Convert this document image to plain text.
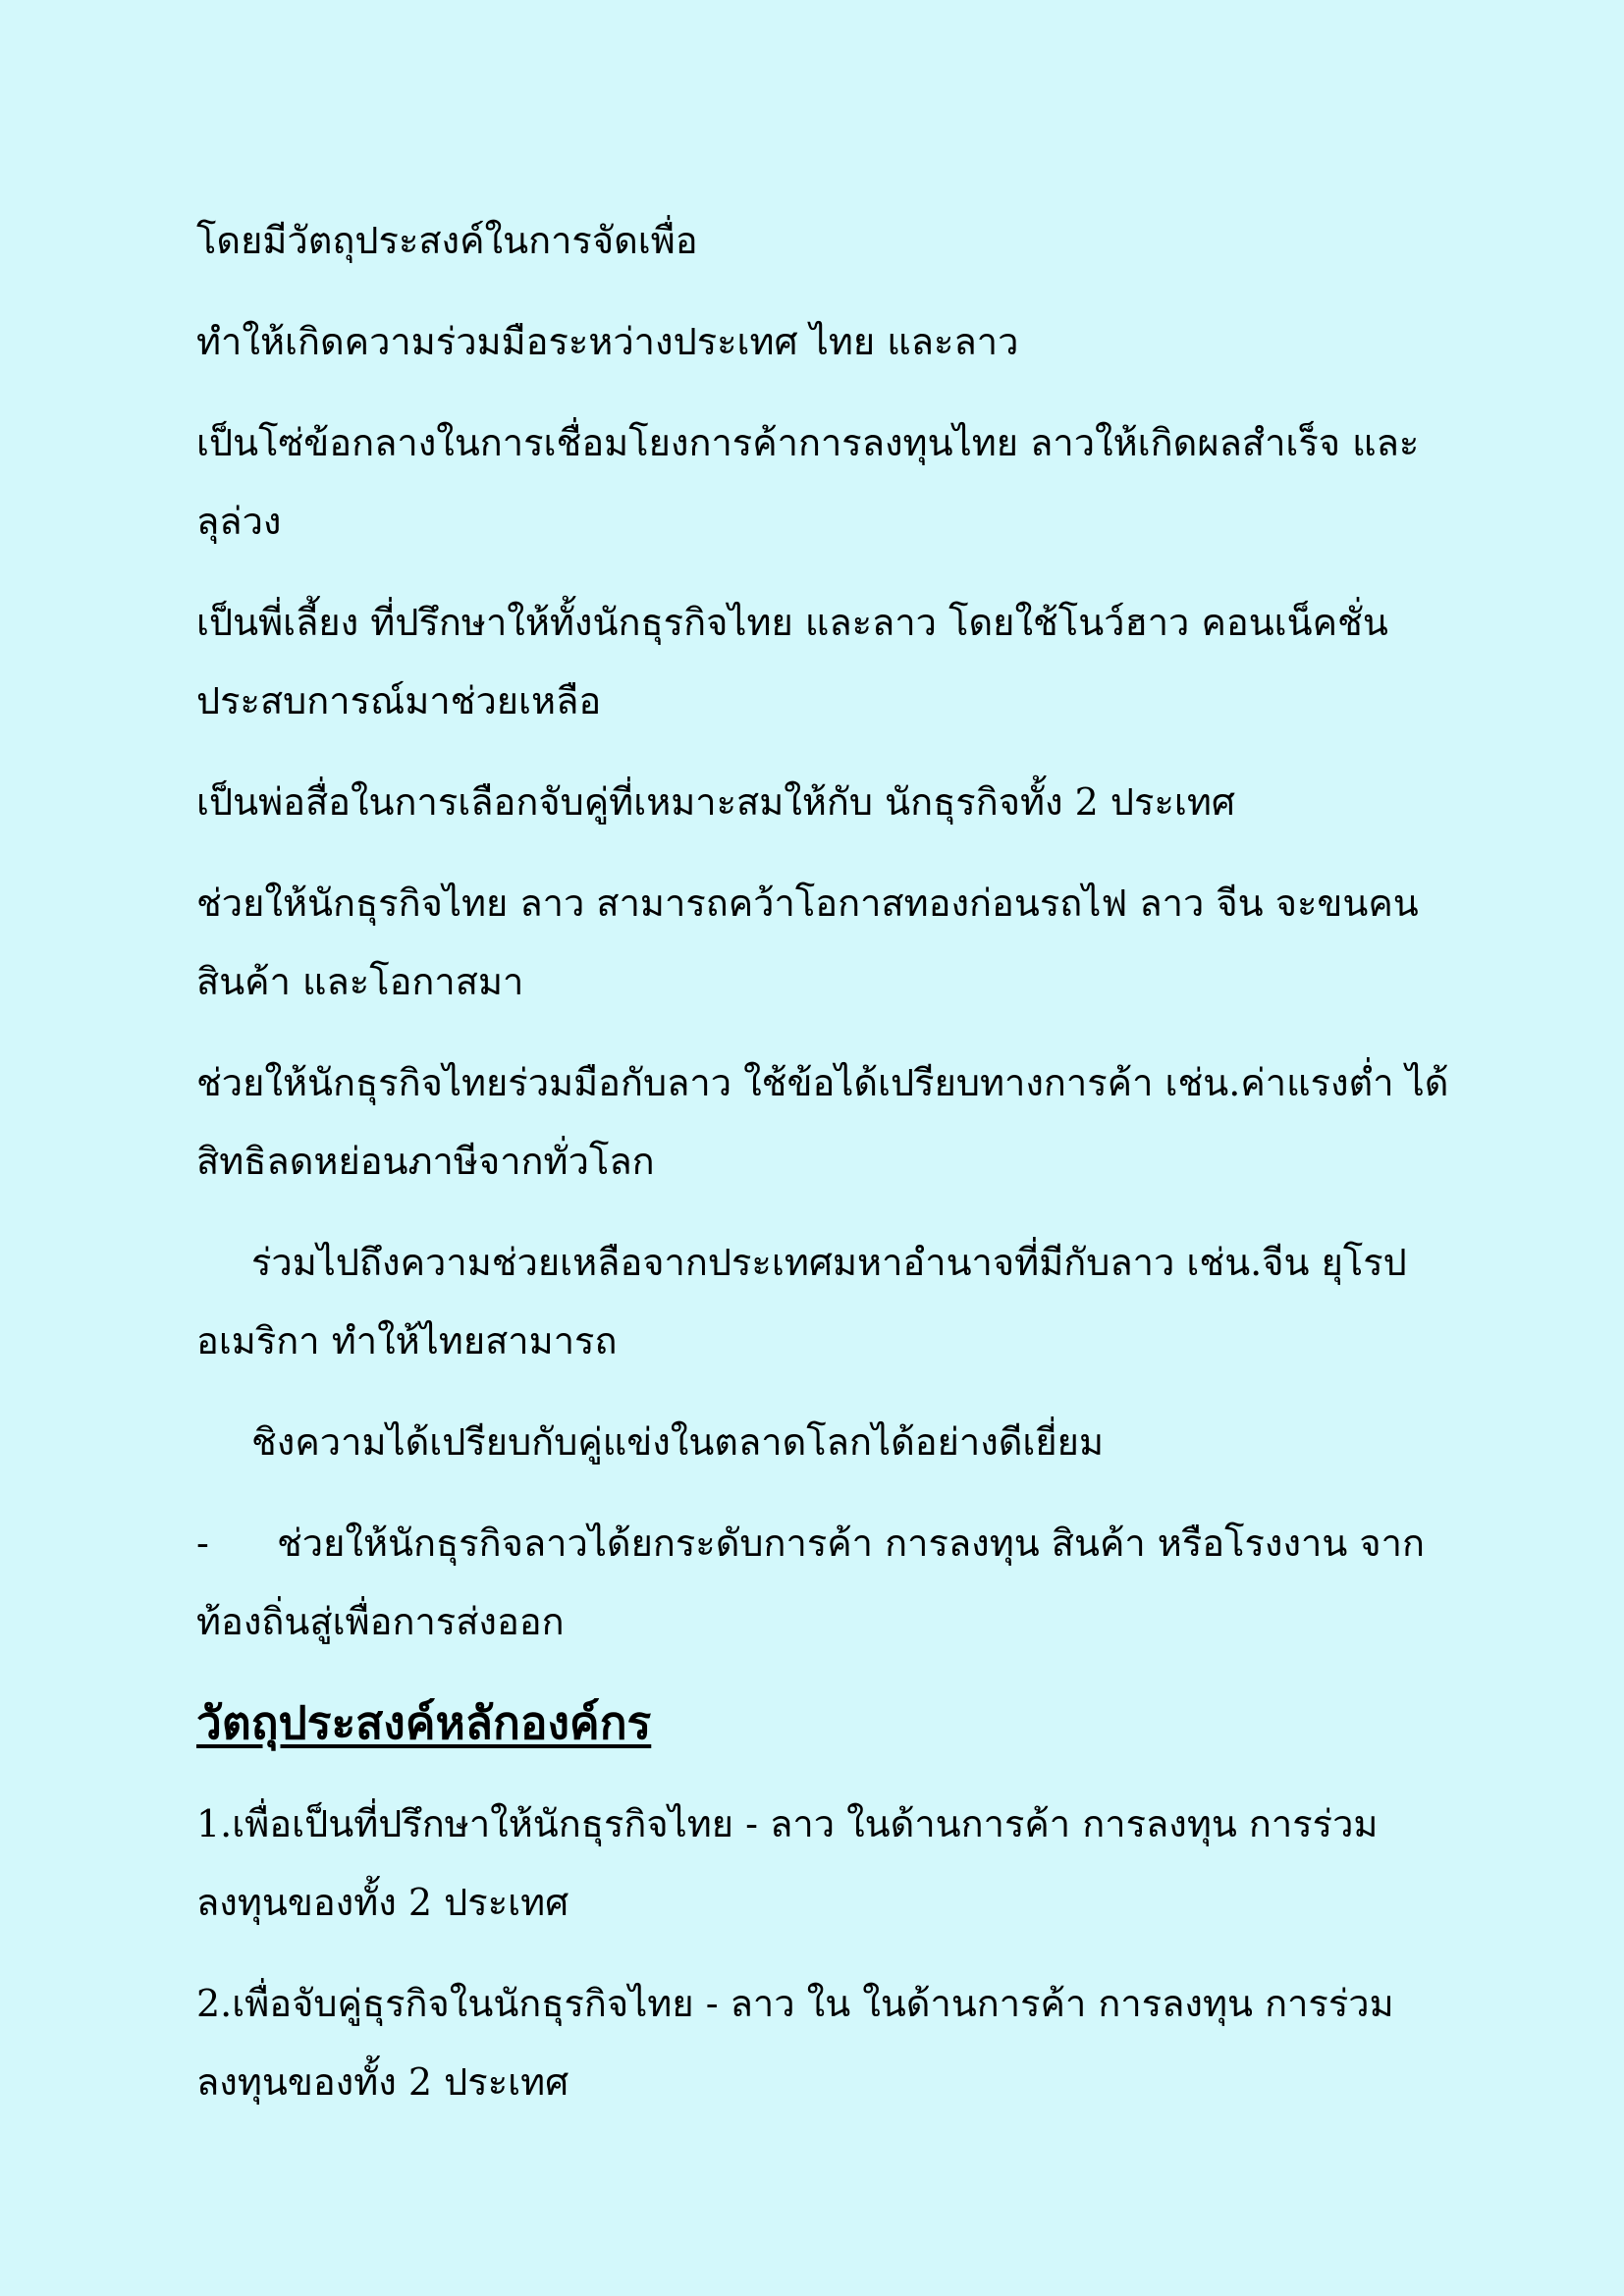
โดยมีวัตถุประสงค์ในการจัดเพื่อ

ทำให้เกิดความร่วมมือระหว่างประเทศ ไทย และลาว

เป็นโซ่ข้อกลางในการเชื่อมโยงการค้าการลงทุนไทย ลาวให้เกิดผลสำเร็จ และลุล่วง

เป็นพี่เลี้ยง ที่ปรึกษาให้ทั้งนักธุรกิจไทย และลาว โดยใช้โนว์ฮาว คอนเน็คชั่น ประสบการณ์มาช่วยเหลือ

เป็นพ่อสื่อในการเลือกจับคู่ที่เหมาะสมให้กับ นักธุรกิจทั้ง 2 ประเทศ

ช่วยให้นักธุรกิจไทย ลาว สามารถคว้าโอกาสทองก่อนรถไฟ ลาว จีน จะขนคน สินค้า และโอกาสมา

ช่วยให้นักธุรกิจไทยร่วมมือกับลาว ใช้ข้อได้เปรียบทางการค้า เช่น.ค่าแรงต่ำ ได้สิทธิลดหย่อนภาษีจากทั่วโลก

ร่วมไปถึงความช่วยเหลือจากประเทศมหาอำนาจที่มีกับลาว เช่น.จีน ยุโรป อเมริกา ทำให้ไทยสามารถ

ชิงความได้เปรียบกับคู่แข่งในตลาดโลกได้อย่างดีเยี่ยม

- ช่วยให้นักธุรกิจลาวได้ยกระดับการค้า การลงทุน สินค้า หรือโรงงาน จากท้องถิ่นสู่เพื่อการส่งออก

วัตถุประสงค์หลักองค์กร

1.เพื่อเป็นที่ปรึกษาให้นักธุรกิจไทย - ลาว ในด้านการค้า การลงทุน การร่วมลงทุนของทั้ง 2 ประเทศ

2.เพื่อจับคู่ธุรกิจในนักธุรกิจไทย - ลาว ใน ในด้านการค้า การลงทุน การร่วมลงทุนของทั้ง 2 ประเทศ
